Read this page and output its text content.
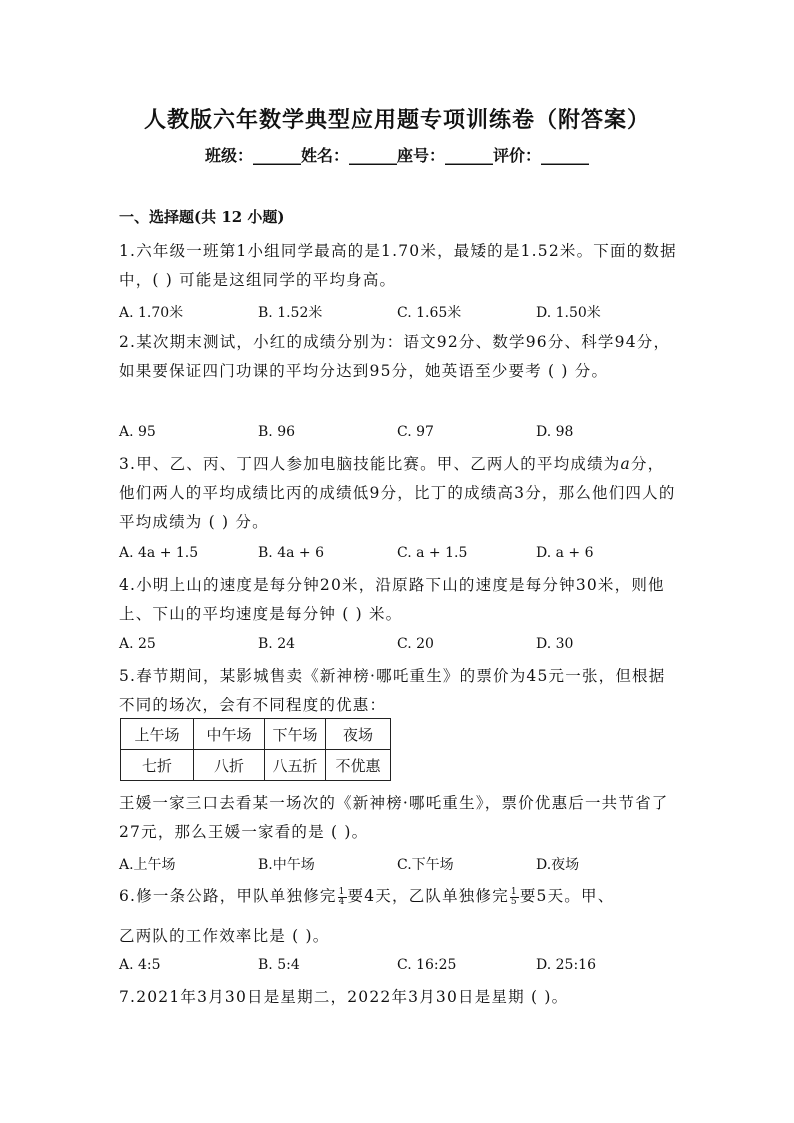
人教版六年数学典型应用题专项训练卷（附答案）
班级：______姓名：______座号：______评价：______
一、选择题(共 12 小题)
1.六年级一班第1小组同学最高的是1.70米，最矮的是1.52米。下面的数据中，( ) 可能是这组同学的平均身高。
A. 1.70米	B. 1.52米	C. 1.65米	D. 1.50米
2.某次期末测试，小红的成绩分别为：语文92分、数学96分、科学94分，如果要保证四门功课的平均分达到95分，她英语至少要考 ( ) 分。
A. 95	B. 96	C. 97	D. 98
3.甲、乙、丙、丁四人参加电脑技能比赛。甲、乙两人的平均成绩为a分，他们两人的平均成绩比丙的成绩低9分，比丁的成绩高3分，那么他们四人的平均成绩为 ( ) 分。
A. 4a + 1.5	B. 4a + 6	C. a + 1.5	D. a + 6
4.小明上山的速度是每分钟20米，沿原路下山的速度是每分钟30米，则他上、下山的平均速度是每分钟 ( ) 米。
A. 25	B. 24	C. 20	D. 30
5.春节期间，某影城售卖《新神榜·哪吒重生》的票价为45元一张，但根据不同的场次，会有不同程度的优惠：
上午场	中午场	下午场	夜场
七折	八折	八五折	不优惠
王媛一家三口去看某一场次的《新神榜·哪吒重生》，票价优惠后一共节省了27元，那么王媛一家看的是 ( )。
A.上午场	B.中午场	C.下午场	D.夜场
6.修一条公路，甲队单独修完 $\frac{1}{4}$ 要4天，乙队单独修完 $\frac{1}{5}$ 要5天。甲、
乙两队的工作效率比是 ( )。
A. 4:5	B. 5:4	C. 16:25	D. 25:16
7.2021年3月30日是星期二，2022年3月30日是星期 ( )。
